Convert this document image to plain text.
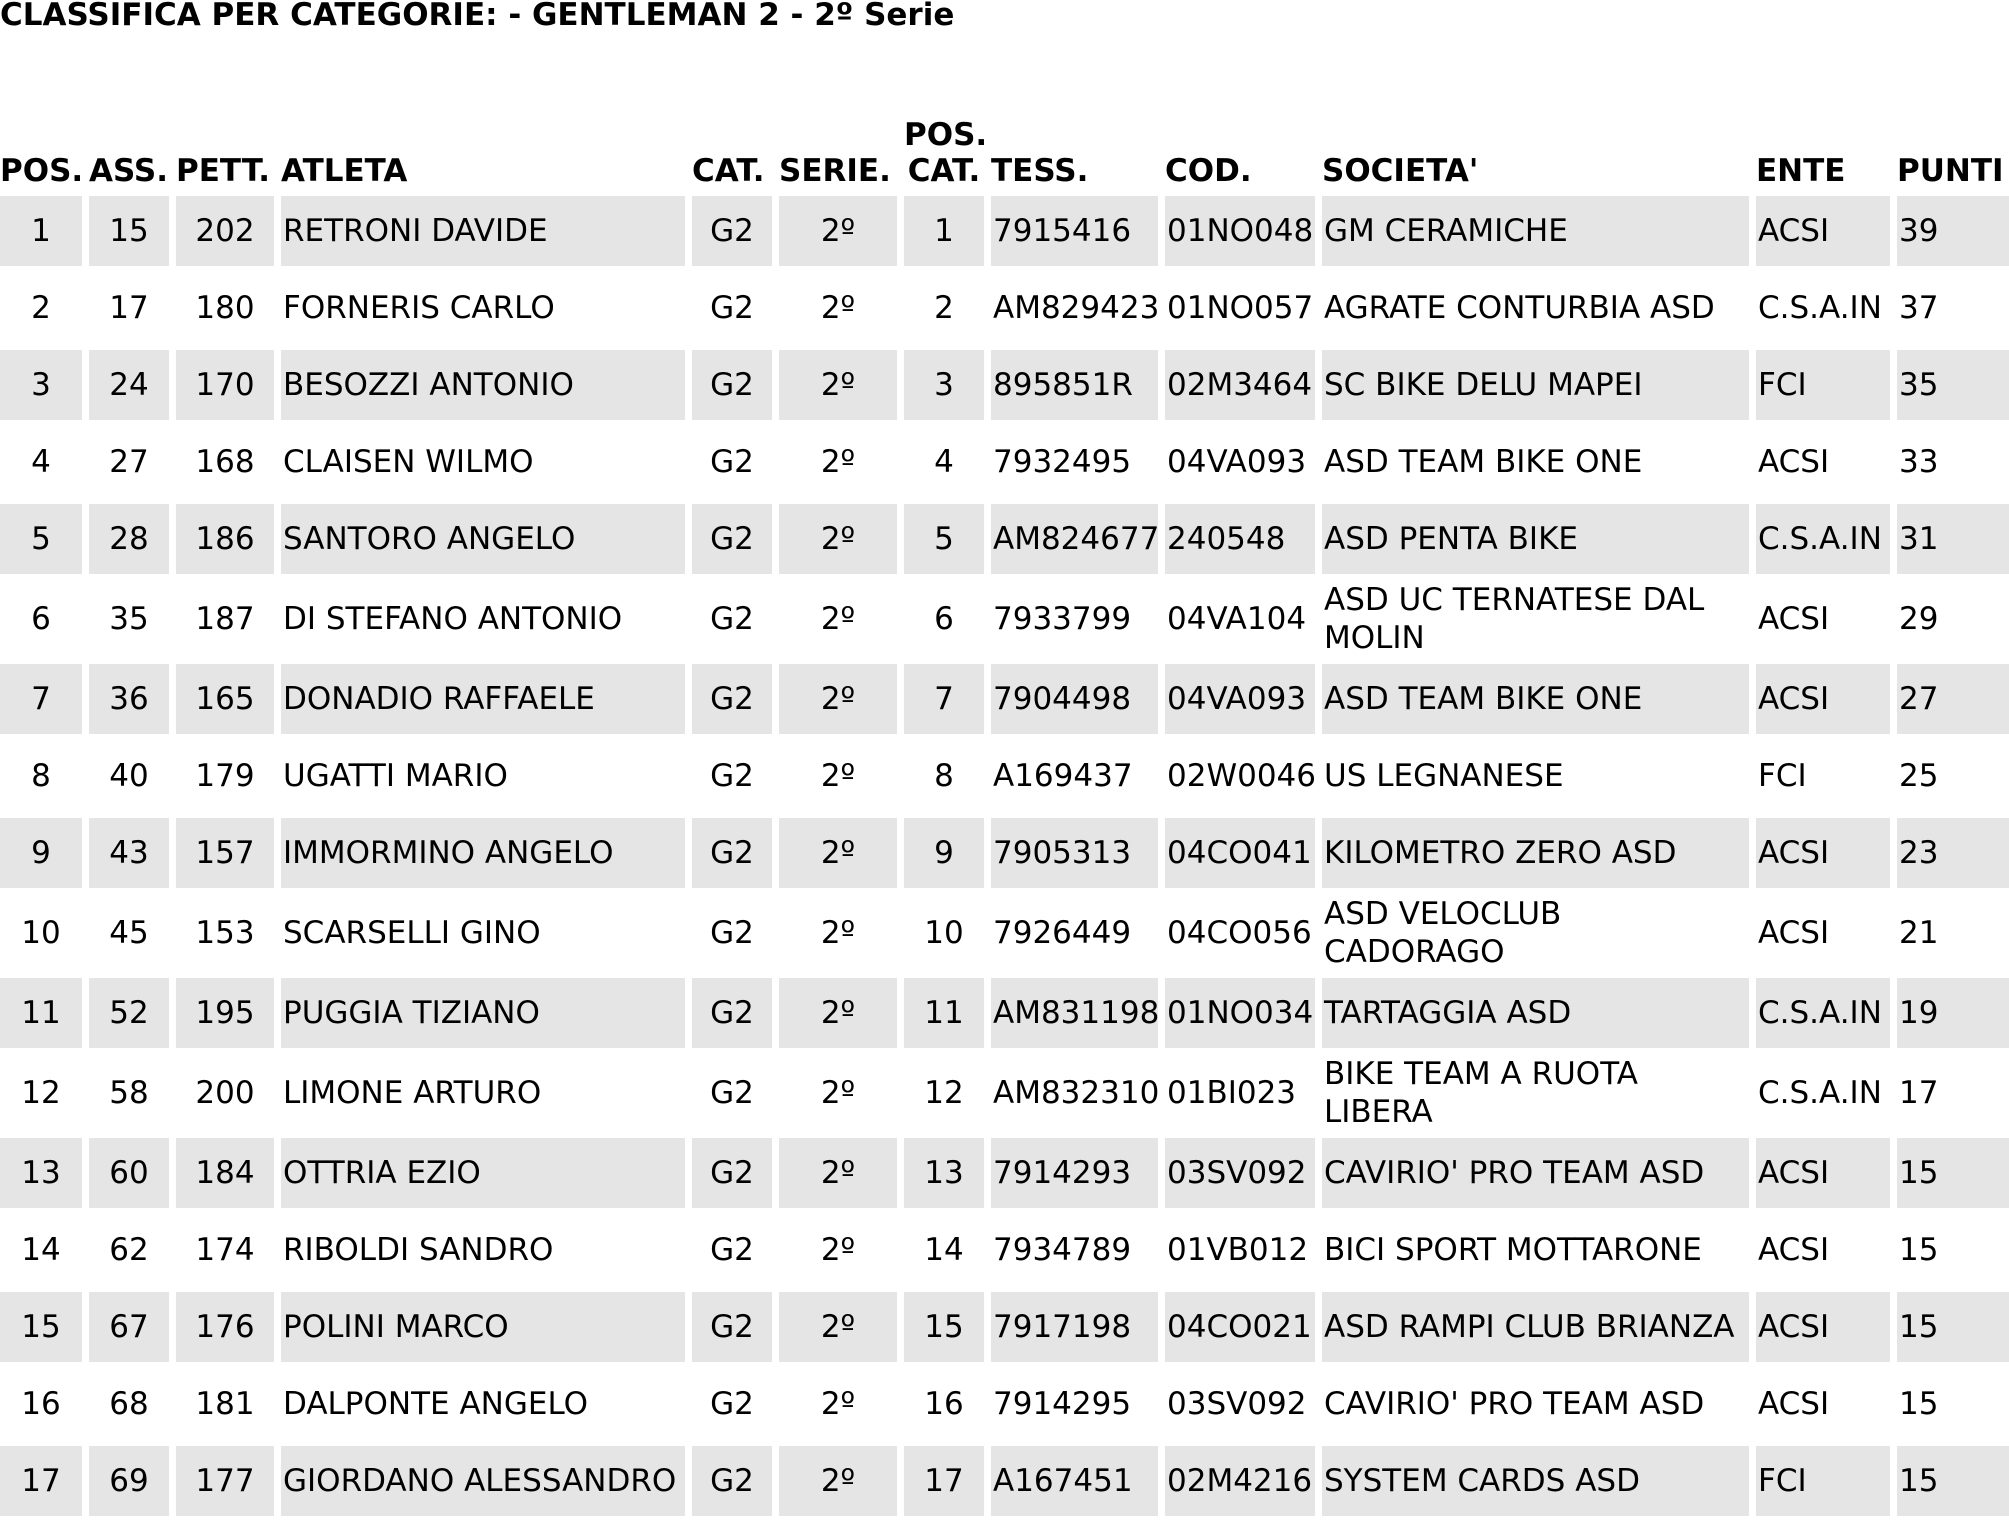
CLASSIFICA PER CATEGORIE: - GENTLEMAN 2 - 2º Serie
POS.	ASS.	PETT.	ATLETA	CAT.	SERIE.	POS.
CAT.	TESS.	COD.	SOCIETA'	ENTE	PUNTI
1	15	202	RETRONI DAVIDE	G2	2º	1	7915416	01NO048	GM CERAMICHE	ACSI	39
2	17	180	FORNERIS CARLO	G2	2º	2	AM829423	01NO057	AGRATE CONTURBIA ASD	C.S.A.IN	37
3	24	170	BESOZZI ANTONIO	G2	2º	3	895851R	02M3464	SC BIKE DELU MAPEI	FCI	35
4	27	168	CLAISEN WILMO	G2	2º	4	7932495	04VA093	ASD TEAM BIKE ONE	ACSI	33
5	28	186	SANTORO ANGELO	G2	2º	5	AM824677	240548	ASD PENTA BIKE	C.S.A.IN	31
6	35	187	DI STEFANO ANTONIO	G2	2º	6	7933799	04VA104	ASD UC TERNATESE DAL MOLIN	ACSI	29
7	36	165	DONADIO RAFFAELE	G2	2º	7	7904498	04VA093	ASD TEAM BIKE ONE	ACSI	27
8	40	179	UGATTI MARIO	G2	2º	8	A169437	02W0046	US LEGNANESE	FCI	25
9	43	157	IMMORMINO ANGELO	G2	2º	9	7905313	04CO041	KILOMETRO ZERO ASD	ACSI	23
10	45	153	SCARSELLI GINO	G2	2º	10	7926449	04CO056	ASD VELOCLUB CADORAGO	ACSI	21
11	52	195	PUGGIA TIZIANO	G2	2º	11	AM831198	01NO034	TARTAGGIA ASD	C.S.A.IN	19
12	58	200	LIMONE ARTURO	G2	2º	12	AM832310	01BI023	BIKE TEAM A RUOTA LIBERA	C.S.A.IN	17
13	60	184	OTTRIA EZIO	G2	2º	13	7914293	03SV092	CAVIRIO' PRO TEAM ASD	ACSI	15
14	62	174	RIBOLDI SANDRO	G2	2º	14	7934789	01VB012	BICI SPORT MOTTARONE	ACSI	15
15	67	176	POLINI MARCO	G2	2º	15	7917198	04CO021	ASD RAMPI CLUB BRIANZA	ACSI	15
16	68	181	DALPONTE ANGELO	G2	2º	16	7914295	03SV092	CAVIRIO' PRO TEAM ASD	ACSI	15
17	69	177	GIORDANO ALESSANDRO	G2	2º	17	A167451	02M4216	SYSTEM CARDS ASD	FCI	15
